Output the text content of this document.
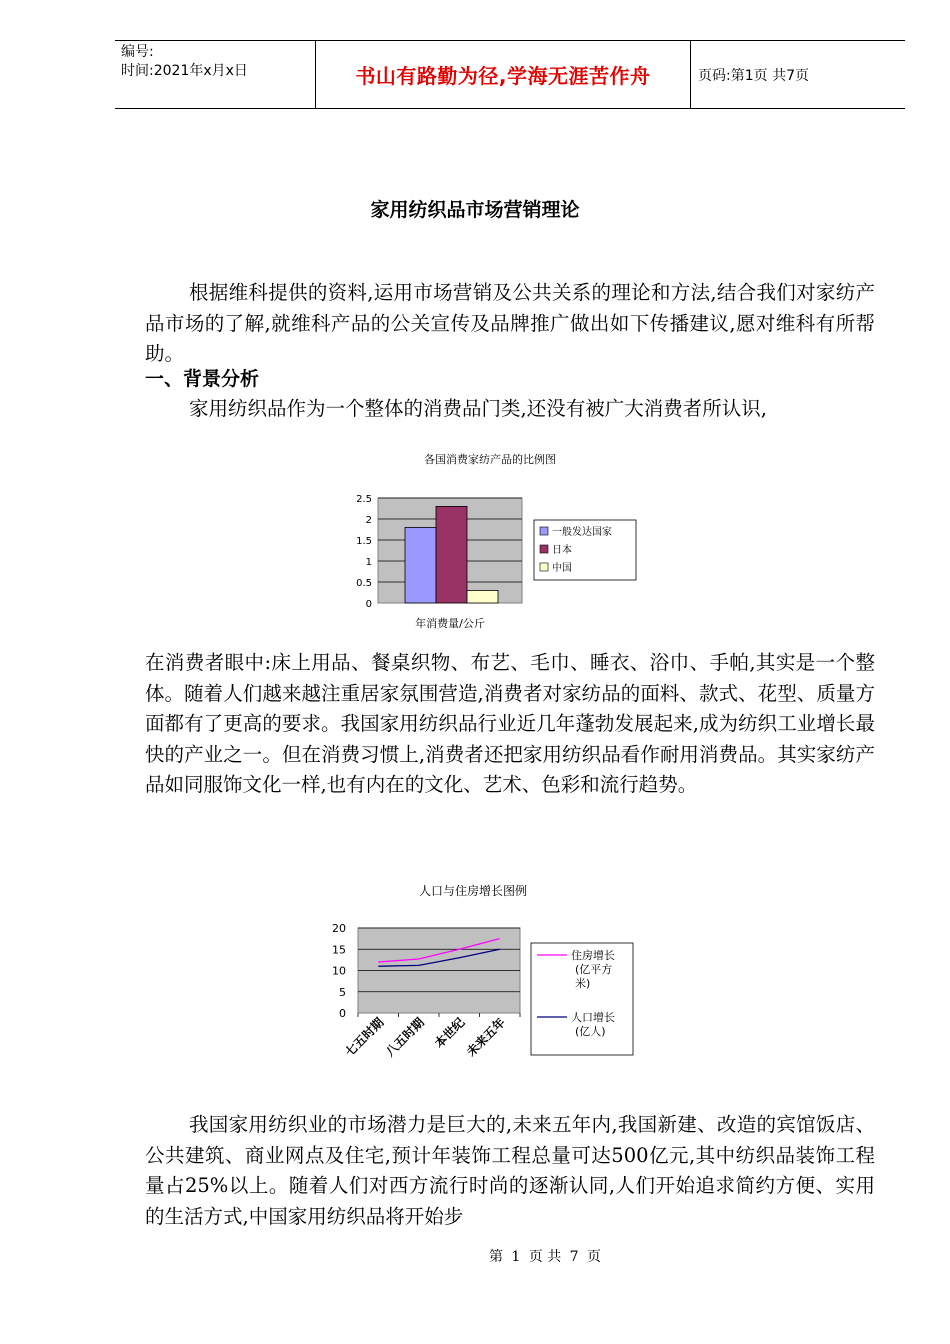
编号:
时间:2021年x月x日	书山有路勤为径,学海无涯苦作舟	页码:第1页 共7页
家用纺织品市场营销理论
根据维科提供的资料,运用市场营销及公共关系的理论和方法,结合我们对家纺产品市场的了解,就维科产品的公关宣传及品牌推广做出如下传播建议,愿对维科有所帮助。
一、背景分析
家用纺织品作为一个整体的消费品门类,还没有被广大消费者所认识,
各国消费家纺产品的比例图
0
0.5
1
1.5
2
2.5
年消费量/公斤
一般发达国家
日本
中国
在消费者眼中:床上用品、餐桌织物、布艺、毛巾、睡衣、浴巾、手帕,其实是一个整体。随着人们越来越注重居家氛围营造,消费者对家纺品的面料、款式、花型、质量方面都有了更高的要求。我国家用纺织品行业近几年蓬勃发展起来,成为纺织工业增长最快的产业之一。但在消费习惯上,消费者还把家用纺织品看作耐用消费品。其实家纺产品如同服饰文化一样,也有内在的文化、艺术、色彩和流行趋势。
人口与住房增长图例
0
5
10
15
20
七五时期
八五时期 本世纪
未来五年
住房增长(亿平方米)
人口增长(亿人)
我国家用纺织业的市场潜力是巨大的,未来五年内,我国新建、改造的宾馆饭店、公共建筑、商业网点及住宅,预计年装饰工程总量可达500亿元,其中纺织品装饰工程量占25%以上。随着人们对西方流行时尚的逐渐认同,人们开始追求简约方便、实用的生活方式,中国家用纺织品将开始步
第 1 页 共 7 页
